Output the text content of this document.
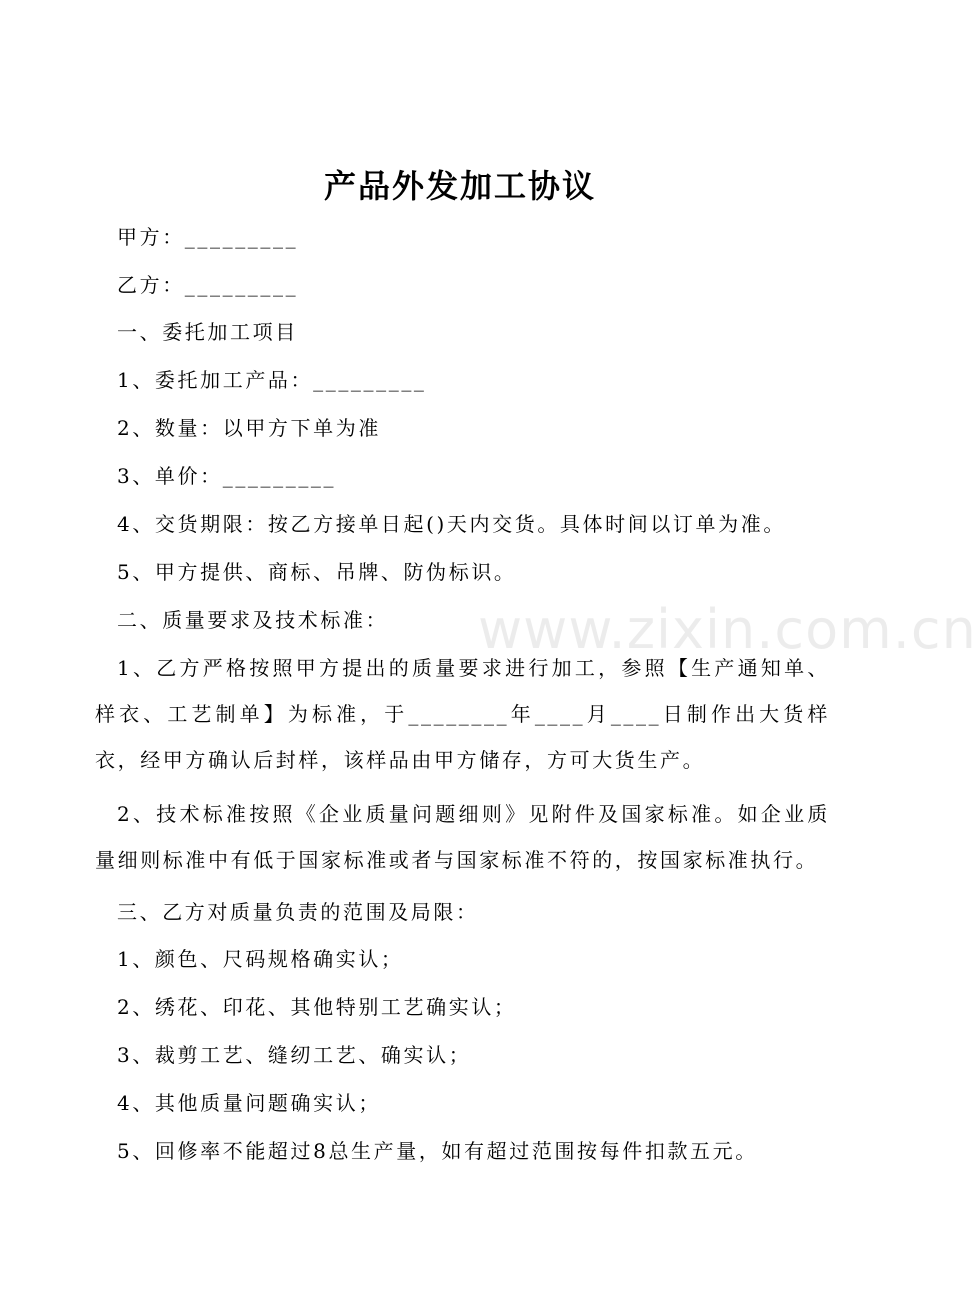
产品外发加工协议
甲方：_________
乙方：_________
一、委托加工项目
1、委托加工产品：_________
2、数量：以甲方下单为准
3、单价：_________
4、交货期限：按乙方接单日起()天内交货。具体时间以订单为准。
5、甲方提供、商标、吊牌、防伪标识。
二、质量要求及技术标准：
1、乙方严格按照甲方提出的质量要求进行加工，参照【生产通知单、样衣、工艺制单】为标准，于________年____月____日制作出大货样衣，经甲方确认后封样，该样品由甲方储存，方可大货生产。
2、技术标准按照《企业质量问题细则》见附件及国家标准。如企业质量细则标准中有低于国家标准或者与国家标准不符的，按国家标准执行。
三、乙方对质量负责的范围及局限：
1、颜色、尺码规格确实认；
2、绣花、印花、其他特别工艺确实认；
3、裁剪工艺、缝纫工艺、确实认；
4、其他质量问题确实认；
5、回修率不能超过8总生产量，如有超过范围按每件扣款五元。
www.zixin.com.cn
